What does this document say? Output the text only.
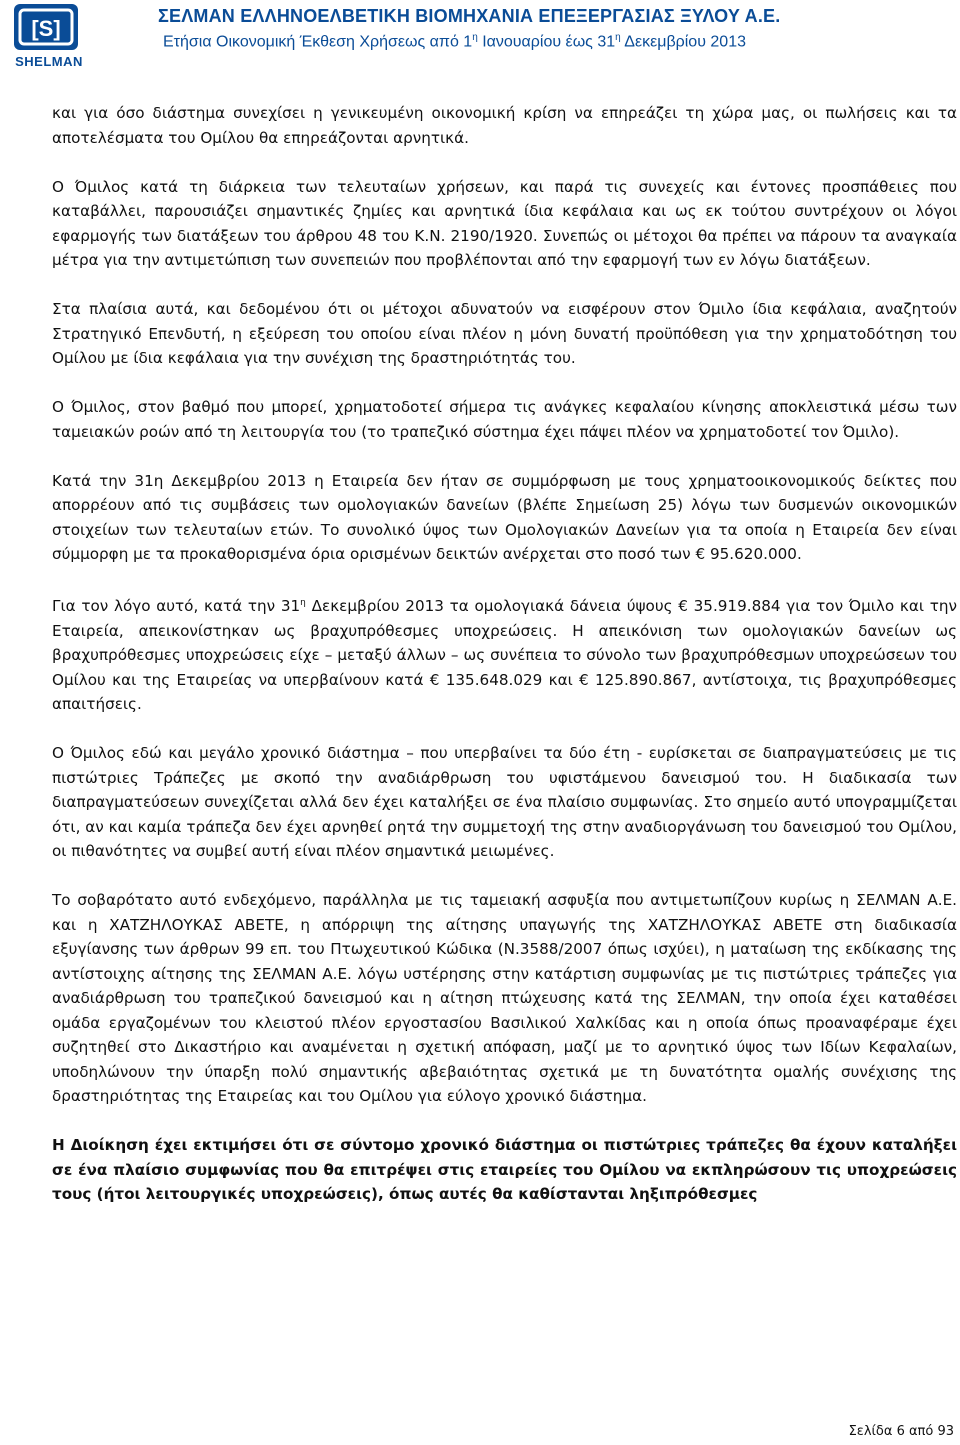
[S]
SHELMAN
ΣΕΛΜΑΝ ΕΛΛΗΝΟΕΛΒΕΤΙΚΗ ΒΙΟΜΗΧΑΝΙΑ ΕΠΕΞΕΡΓΑΣΙΑΣ ΞΥΛΟΥ Α.Ε.
Ετήσια Οικονομική Έκθεση Χρήσεως από $1^\eta$ Ιανουαρίου έως $31^\eta$ Δεκεμβρίου 2013

και για όσο διάστημα συνεχίσει η γενικευμένη οικονομική κρίση να επηρεάζει τη χώρα μας, οι πωλήσεις και τα αποτελέσματα του Ομίλου θα επηρεάζονται αρνητικά.

Ο Όμιλος κατά τη διάρκεια των τελευταίων χρήσεων, και παρά τις συνεχείς και έντονες προσπάθειες που καταβάλλει, παρουσιάζει σημαντικές ζημίες και αρνητικά ίδια κεφάλαια και ως εκ τούτου συντρέχουν οι λόγοι εφαρμογής των διατάξεων του άρθρου 48 του Κ.Ν. 2190/1920. Συνεπώς οι μέτοχοι θα πρέπει να πάρουν τα αναγκαία μέτρα για την αντιμετώπιση των συνεπειών που προβλέπονται από την εφαρμογή των εν λόγω διατάξεων.

Στα πλαίσια αυτά, και δεδομένου ότι οι μέτοχοι αδυνατούν να εισφέρουν στον Όμιλο ίδια κεφάλαια, αναζητούν Στρατηγικό Επενδυτή, η εξεύρεση του οποίου είναι πλέον η μόνη δυνατή προϋπόθεση για την χρηματοδότηση του Ομίλου με ίδια κεφάλαια για την συνέχιση της δραστηριότητάς του.

Ο Όμιλος, στον βαθμό που μπορεί, χρηματοδοτεί σήμερα τις ανάγκες κεφαλαίου κίνησης αποκλειστικά μέσω των ταμειακών ροών από τη λειτουργία του (το τραπεζικό σύστημα έχει πάψει πλέον να χρηματοδοτεί τον Όμιλο).

Κατά την 31η Δεκεμβρίου 2013 η Εταιρεία δεν ήταν σε συμμόρφωση με τους χρηματοοικονομικούς δείκτες που απορρέουν από τις συμβάσεις των ομολογιακών δανείων (βλέπε Σημείωση 25) λόγω των δυσμενών οικονομικών στοιχείων των τελευταίων ετών. Το συνολικό ύψος των Ομολογιακών Δανείων για τα οποία η Εταιρεία δεν είναι σύμμορφη με τα προκαθορισμένα όρια ορισμένων δεικτών ανέρχεται στο ποσό των € 95.620.000.

Για τον λόγο αυτό, κατά την $31^\eta$ Δεκεμβρίου 2013 τα ομολογιακά δάνεια ύψους € 35.919.884 για τον Όμιλο και την Εταιρεία, απεικονίστηκαν ως βραχυπρόθεσμες υποχρεώσεις. Η απεικόνιση των ομολογιακών δανείων ως βραχυπρόθεσμες υποχρεώσεις είχε – μεταξύ άλλων – ως συνέπεια το σύνολο των βραχυπρόθεσμων υποχρεώσεων του Ομίλου και της Εταιρείας να υπερβαίνουν κατά € 135.648.029 και € 125.890.867, αντίστοιχα, τις βραχυπρόθεσμες απαιτήσεις.

Ο Όμιλος εδώ και μεγάλο χρονικό διάστημα – που υπερβαίνει τα δύο έτη - ευρίσκεται σε διαπραγματεύσεις με τις πιστώτριες Τράπεζες με σκοπό την αναδιάρθρωση του υφιστάμενου δανεισμού του. Η διαδικασία των διαπραγματεύσεων συνεχίζεται αλλά δεν έχει καταλήξει σε ένα πλαίσιο συμφωνίας. Στο σημείο αυτό υπογραμμίζεται ότι, αν και καμία τράπεζα δεν έχει αρνηθεί ρητά την συμμετοχή της στην αναδιοργάνωση του δανεισμού του Ομίλου, οι πιθανότητες να συμβεί αυτή είναι πλέον σημαντικά μειωμένες.

Το σοβαρότατο αυτό ενδεχόμενο, παράλληλα με τις ταμειακή ασφυξία που αντιμετωπίζουν κυρίως η ΣΕΛΜΑΝ Α.Ε. και η ΧΑΤΖΗΛΟΥΚΑΣ ΑΒΕΤΕ, η απόρριψη της αίτησης υπαγωγής της ΧΑΤΖΗΛΟΥΚΑΣ ΑΒΕΤΕ στη διαδικασία εξυγίανσης των άρθρων 99 επ. του Πτωχευτικού Κώδικα (Ν.3588/2007 όπως ισχύει), η ματαίωση της εκδίκασης της αντίστοιχης αίτησης της ΣΕΛΜΑΝ Α.Ε. λόγω υστέρησης στην κατάρτιση συμφωνίας με τις πιστώτριες τράπεζες για αναδιάρθρωση του τραπεζικού δανεισμού και η αίτηση πτώχευσης κατά της ΣΕΛΜΑΝ, την οποία έχει καταθέσει ομάδα εργαζομένων του κλειστού πλέον εργοστασίου Βασιλικού Χαλκίδας και η οποία όπως προαναφέραμε έχει συζητηθεί στο Δικαστήριο και αναμένεται η σχετική απόφαση, μαζί με το αρνητικό ύψος των Ιδίων Κεφαλαίων, υποδηλώνουν την ύπαρξη πολύ σημαντικής αβεβαιότητας σχετικά με τη δυνατότητα ομαλής συνέχισης της δραστηριότητας της Εταιρείας και του Ομίλου για εύλογο χρονικό διάστημα.

Η Διοίκηση έχει εκτιμήσει ότι σε σύντομο χρονικό διάστημα οι πιστώτριες τράπεζες θα έχουν καταλήξει σε ένα πλαίσιο συμφωνίας που θα επιτρέψει στις εταιρείες του Ομίλου να εκπληρώσουν τις υποχρεώσεις τους (ήτοι λειτουργικές υποχρεώσεις), όπως αυτές θα καθίστανται ληξιπρόθεσμες

Σελίδα 6 από 93
